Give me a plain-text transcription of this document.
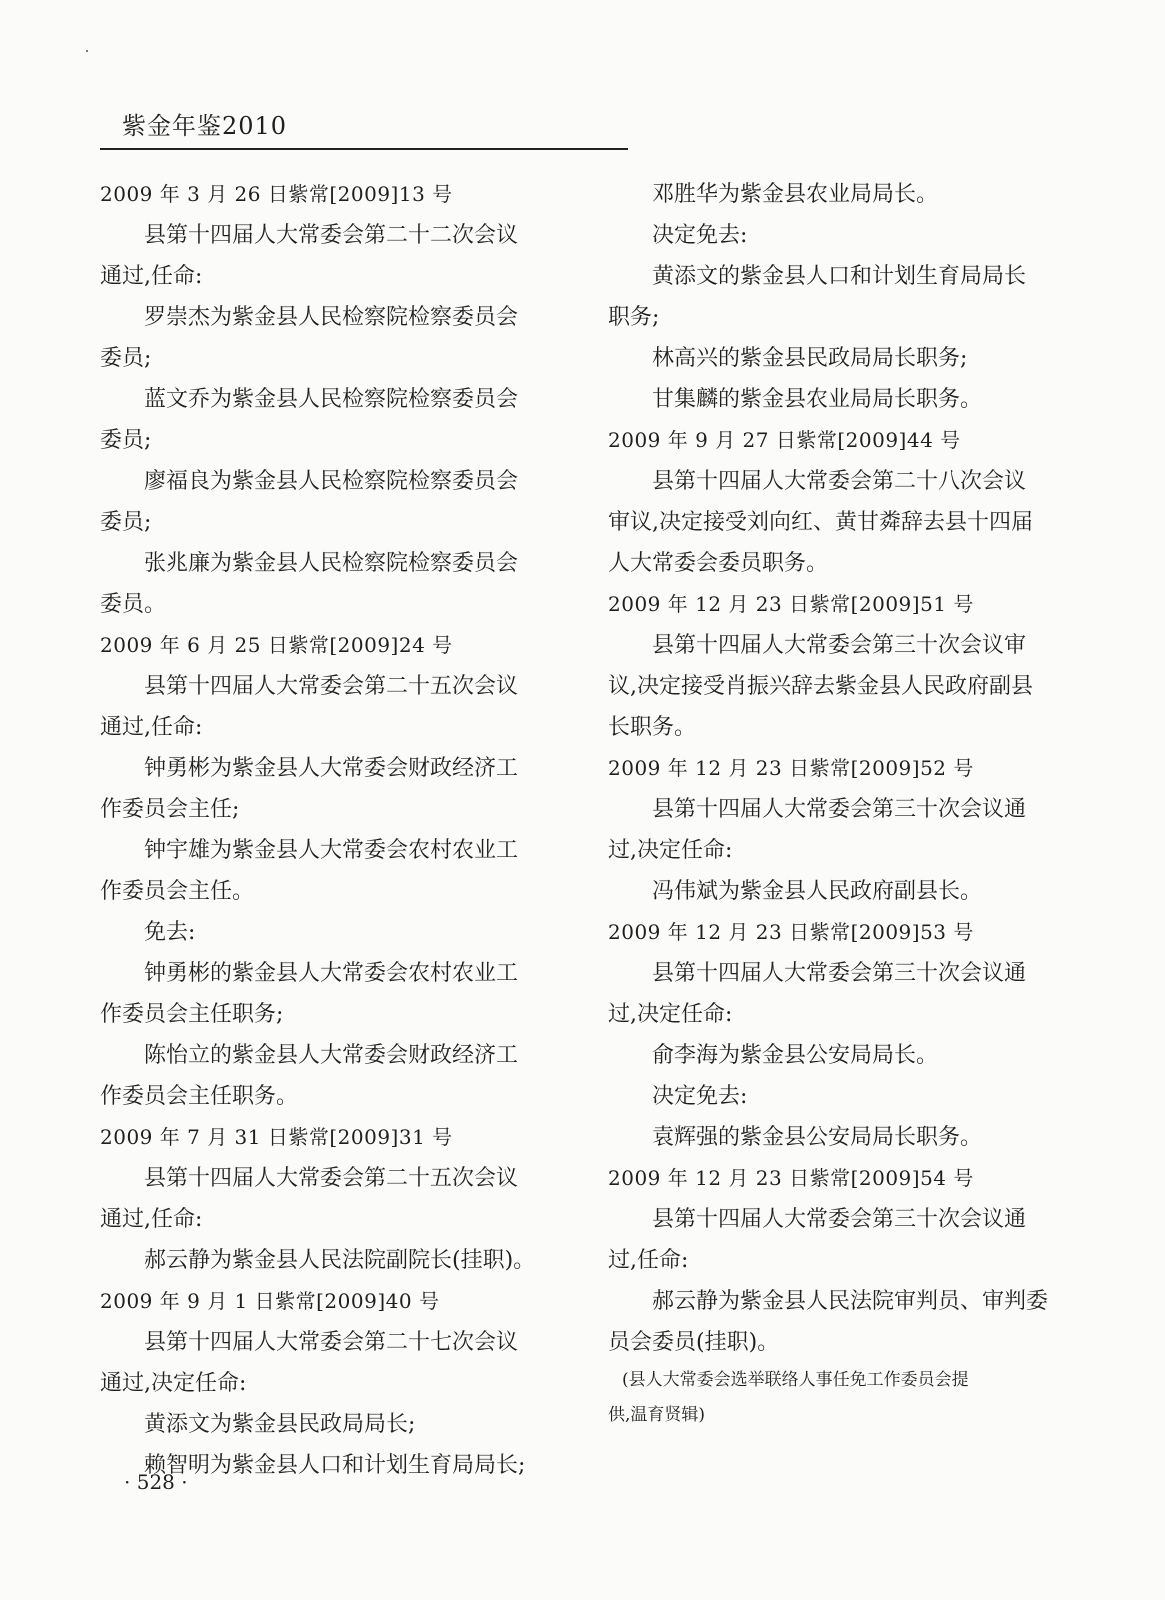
紫金年鉴2010
2009 年 3 月 26 日紫常[2009]13 号
县第十四届人大常委会第二十二次会议
通过,任命:
罗崇杰为紫金县人民检察院检察委员会
委员;
蓝文乔为紫金县人民检察院检察委员会
委员;
廖福良为紫金县人民检察院检察委员会
委员;
张兆廉为紫金县人民检察院检察委员会
委员。
2009 年 6 月 25 日紫常[2009]24 号
县第十四届人大常委会第二十五次会议
通过,任命:
钟勇彬为紫金县人大常委会财政经济工
作委员会主任;
钟宇雄为紫金县人大常委会农村农业工
作委员会主任。
免去:
钟勇彬的紫金县人大常委会农村农业工
作委员会主任职务;
陈怡立的紫金县人大常委会财政经济工
作委员会主任职务。
2009 年 7 月 31 日紫常[2009]31 号
县第十四届人大常委会第二十五次会议
通过,任命:
郝云静为紫金县人民法院副院长(挂职)。
2009 年 9 月 1 日紫常[2009]40 号
县第十四届人大常委会第二十七次会议
通过,决定任命:
黄添文为紫金县民政局局长;
赖智明为紫金县人口和计划生育局局长;
邓胜华为紫金县农业局局长。
决定免去:
黄添文的紫金县人口和计划生育局局长
职务;
林高兴的紫金县民政局局长职务;
甘集麟的紫金县农业局局长职务。
2009 年 9 月 27 日紫常[2009]44 号
县第十四届人大常委会第二十八次会议
审议,决定接受刘向红、黄甘粦辞去县十四届
人大常委会委员职务。
2009 年 12 月 23 日紫常[2009]51 号
县第十四届人大常委会第三十次会议审
议,决定接受肖振兴辞去紫金县人民政府副县
长职务。
2009 年 12 月 23 日紫常[2009]52 号
县第十四届人大常委会第三十次会议通
过,决定任命:
冯伟斌为紫金县人民政府副县长。
2009 年 12 月 23 日紫常[2009]53 号
县第十四届人大常委会第三十次会议通
过,决定任命:
俞李海为紫金县公安局局长。
决定免去:
袁辉强的紫金县公安局局长职务。
2009 年 12 月 23 日紫常[2009]54 号
县第十四届人大常委会第三十次会议通
过,任命:
郝云静为紫金县人民法院审判员、审判委
员会委员(挂职)。
(县人大常委会选举联络人事任免工作委员会提
供,温育贤辑)
· 528 ·
